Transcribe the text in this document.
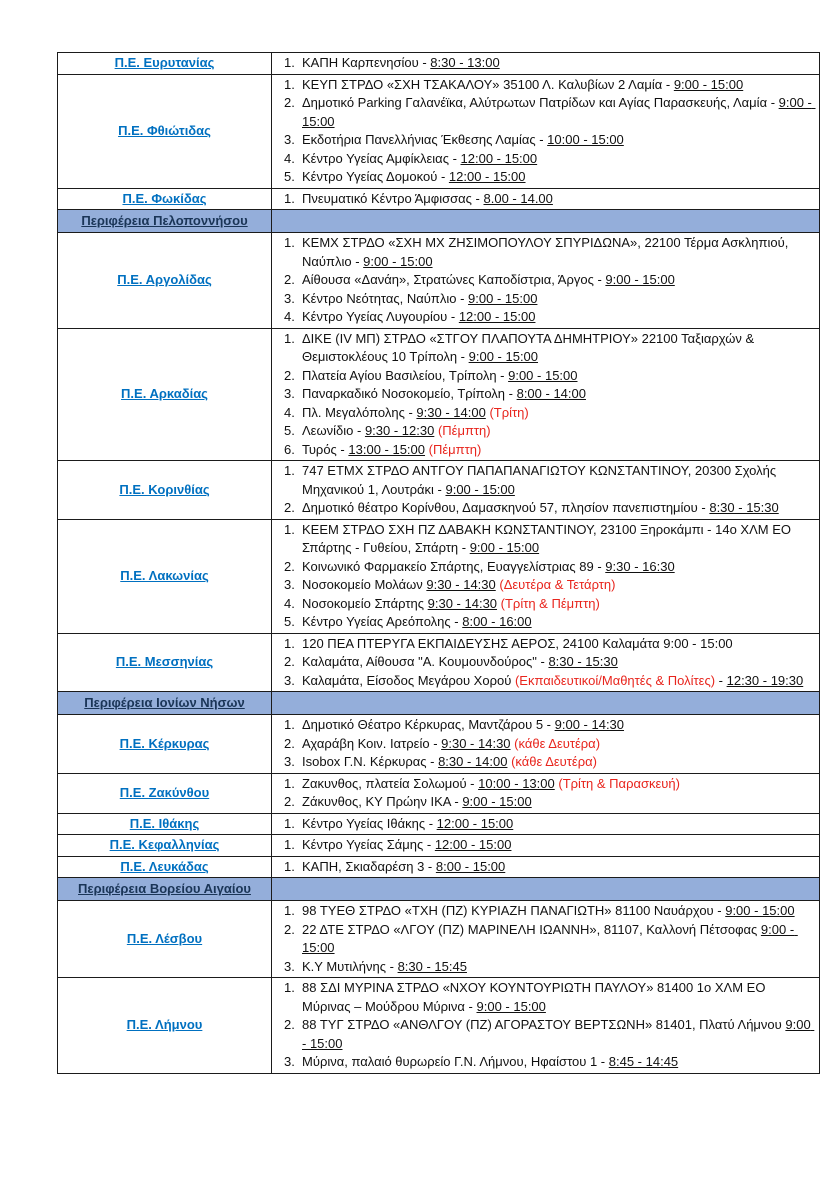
Π.Ε. Ευρυτανίας	1. ΚΑΠΗ Καρπενησίου - 8:30 - 13:00

Π.Ε. Φθιώτιδας	
1. ΚΕΥΠ ΣΤΡΔΟ «ΣΧΗ ΤΣΑΚΑΛΟΥ» 35100 Λ. Καλυβίων 2 Λαμία - 9:00 - 15:00
2. Δημοτικό Parking Γαλανέϊκα, Αλύτρωτων Πατρίδων και Αγίας Παρασκευής, Λαμία - 9:00 - 15:00
3. Εκδοτήρια Πανελλήνιας Έκθεσης Λαμίας - 10:00 - 15:00
4. Κέντρο Υγείας Αμφίκλειας - 12:00 - 15:00
5. Κέντρο Υγείας Δομοκού - 12:00 - 15:00

Π.Ε. Φωκίδας	1. Πνευματικό Κέντρο Άμφισσας - 8.00 - 14.00

Περιφέρεια Πελοποννήσου	
Π.Ε. Αργολίδας	
1. ΚΕΜΧ ΣΤΡΔΟ «ΣΧΗ ΜΧ ΖΗΣΙΜΟΠΟΥΛΟΥ ΣΠΥΡΙΔΩΝΑ», 22100 Τέρμα Ασκληπιού, Ναύπλιο - 9:00 - 15:00
2. Αίθουσα «Δανάη», Στρατώνες Καποδίστρια, Άργος - 9:00 - 15:00
3. Κέντρο Νεότητας, Ναύπλιο - 9:00 - 15:00
4. Κέντρο Υγείας Λυγουρίου - 12:00 - 15:00

Π.Ε. Αρκαδίας	
1. ΔΙΚΕ (ΙV ΜΠ) ΣΤΡΔΟ «ΣΤΓΟΥ ΠΛΑΠΟΥΤΑ ΔΗΜΗΤΡΙΟΥ» 22100 Ταξιαρχών & Θεμιστοκλέους 10 Τρίπολη - 9:00 - 15:00
2. Πλατεία Αγίου Βασιλείου, Τρίπολη - 9:00 - 15:00
3. Παναρκαδικό Νοσοκομείο, Τρίπολη - 8:00 - 14:00
4. Πλ. Μεγαλόπολης - 9:30 - 14:00 (Τρίτη)
5. Λεωνίδιο - 9:30 - 12:30 (Πέμπτη)
6. Τυρός - 13:00 - 15:00 (Πέμπτη)

Π.Ε. Κορινθίας	1. 747 ΕΤΜΧ ΣΤΡΔΟ ΑΝΤΓΟΥ ΠΑΠΑΠΑΝΑΓΙΩΤΟΥ ΚΩΝΣΤΑΝΤΙΝΟΥ, 20300 Σχολής Μηχανικού 1, Λουτράκι - 9:00 - 15:00
2. Δημοτικό θέατρο Κορίνθου, Δαμασκηνού 57, πλησίον πανεπιστημίου - 8:30 - 15:30

Π.Ε. Λακωνίας	
1. ΚΕΕΜ ΣΤΡΔΟ ΣΧΗ ΠΖ ΔΑΒΑΚΗ ΚΩΝΣΤΑΝΤΙΝΟΥ, 23100 Ξηροκάμπι - 14ο ΧΛΜ ΕΟ Σπάρτης - Γυθείου, Σπάρτη - 9:00 - 15:00
2. Κοινωνικό Φαρμακείο Σπάρτης, Ευαγγελίστριας 89 - 9:30 - 16:30
3. Νοσοκομείο Μολάων 9:30 - 14:30 (Δευτέρα & Τετάρτη)
4. Νοσοκομείο Σπάρτης 9:30 - 14:30 (Τρίτη & Πέμπτη)
5. Κέντρο Υγείας Αρεόπολης - 8:00 - 16:00

Π.Ε. Μεσσηνίας	
1. 120 ΠΕΑ ΠΤΕΡΥΓΑ ΕΚΠΑΙΔΕΥΣΗΣ ΑΕΡΟΣ, 24100 Καλαμάτα 9:00 - 15:00
2. Καλαμάτα, Αίθουσα "Α. Κουμουνδούρος" - 8:30 - 15:30
3. Καλαμάτα, Είσοδος Μεγάρου Χορού (Εκπαιδευτικοί/Μαθητές & Πολίτες) - 12:30 - 19:30

Περιφέρεια Ιονίων Νήσων	
Π.Ε. Κέρκυρας	
1. Δημοτικό Θέατρο Κέρκυρας, Μαντζάρου 5 - 9:00 - 14:30
2. Αχαράβη Κοιν. Ιατρείο - 9:30 - 14:30 (κάθε Δευτέρα)
3. Isobox Γ.Ν. Κέρκυρας - 8:30 - 14:00 (κάθε Δευτέρα)

Π.Ε. Ζακύνθου	1. Ζακυνθος, πλατεία Σολωμού - 10:00 - 13:00 (Τρίτη & Παρασκευή)
2. Ζάκυνθος, ΚΥ Πρώην ΙΚΑ - 9:00 - 15:00

Π.Ε. Ιθάκης	1. Κέντρο Υγείας Ιθάκης - 12:00 - 15:00

Π.Ε. Κεφαλληνίας	1. Κέντρο Υγείας Σάμης - 12:00 - 15:00

Π.Ε. Λευκάδας	1. ΚΑΠΗ, Σκιαδαρέση 3 - 8:00 - 15:00

Περιφέρεια Βορείου Αιγαίου	
Π.Ε. Λέσβου	
1. 98 ΤΥΕΘ ΣΤΡΔΟ «ΤΧΗ (ΠΖ) ΚΥΡΙΑΖΗ ΠΑΝΑΓΙΩΤΗ» 81100 Ναυάρχου - 9:00 - 15:00
2. 22 ΔΤΕ ΣΤΡΔΟ «ΛΓΟΥ (ΠΖ) ΜΑΡΙΝΕΛΗ ΙΩΑΝΝΗ», 81107, Καλλονή Πέτσοφας 9:00 - 15:00
3. Κ.Υ Μυτιλήνης - 8:30 - 15:45

Π.Ε. Λήμνου	
1. 88 ΣΔΙ ΜΥΡΙΝΑ ΣΤΡΔΟ «ΝΧΟΥ ΚΟΥΝΤΟΥΡΙΩΤΗ ΠΑΥΛΟΥ» 81400 1ο ΧΛΜ ΕΟ Μύρινας – Μούδρου Μύρινα - 9:00 - 15:00
2. 88 ΤΥΓ ΣΤΡΔΟ «ΑΝΘΛΓΟΥ (ΠΖ) ΑΓΟΡΑΣΤΟΥ ΒΕΡΤΣΩΝΗ» 81401, Πλατύ Λήμνου 9:00 - 15:00
3. Μύρινα, παλαιό θυρωρείο Γ.Ν. Λήμνου, Ηφαίστου 1 - 8:45 - 14:45
